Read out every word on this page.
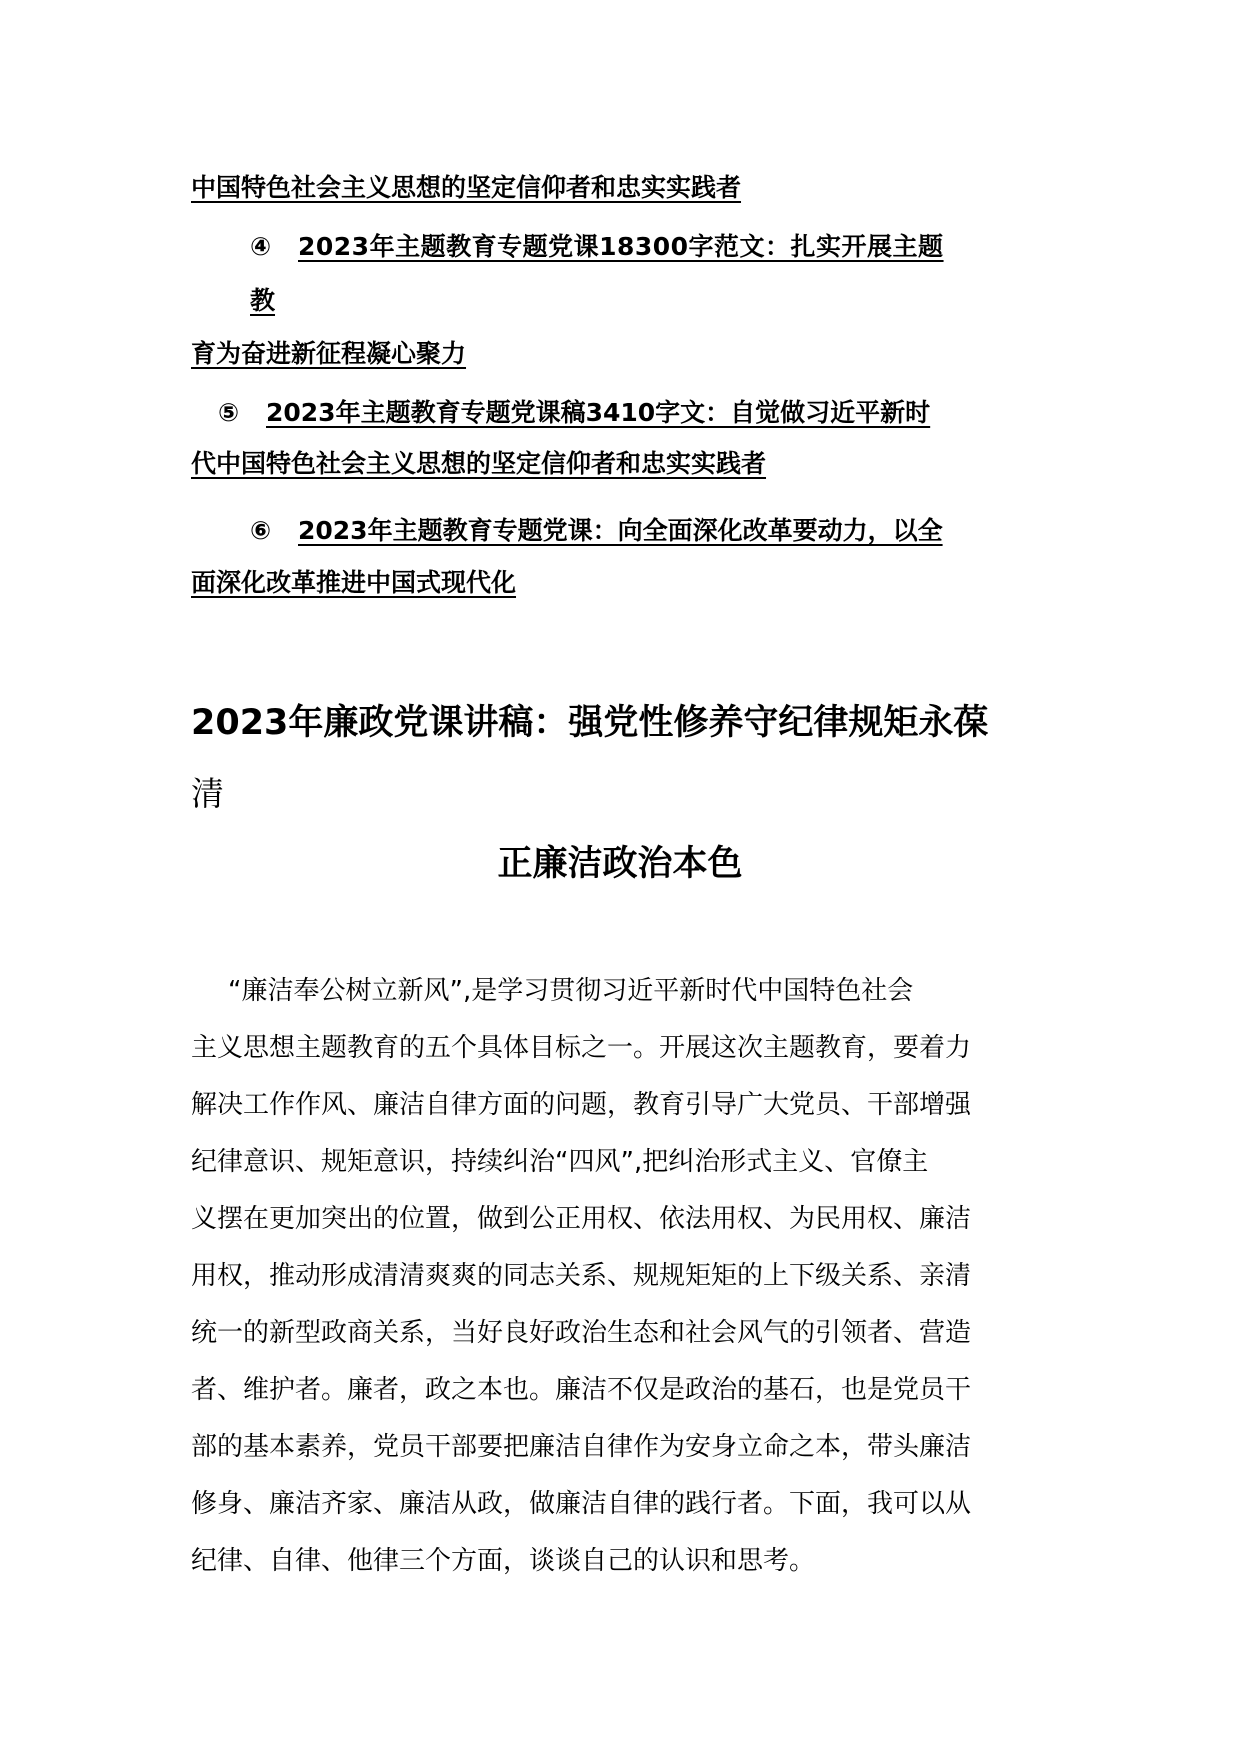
中国特色社会主义思想的坚定信仰者和忠实实践者
④ 2023年主题教育专题党课18300字范文：扎实开展主题
教
育为奋进新征程凝心聚力
⑤ 2023年主题教育专题党课稿3410字文：自觉做习近平新时
代中国特色社会主义思想的坚定信仰者和忠实实践者
⑥ 2023年主题教育专题党课：向全面深化改革要动力，以全
面深化改革推进中国式现代化
2023年廉政党课讲稿：强党性修养守纪律规矩永葆
清
正廉洁政治本色
“廉洁奉公树立新风”,是学习贯彻习近平新时代中国特色社会
主义思想主题教育的五个具体目标之一。开展这次主题教育，要着力
解决工作作风、廉洁自律方面的问题，教育引导广大党员、干部增强
纪律意识、规矩意识，持续纠治“四风”,把纠治形式主义、官僚主
义摆在更加突出的位置，做到公正用权、依法用权、为民用权、廉洁
用权，推动形成清清爽爽的同志关系、规规矩矩的上下级关系、亲清
统一的新型政商关系，当好良好政治生态和社会风气的引领者、营造
者、维护者。廉者，政之本也。廉洁不仅是政治的基石，也是党员干
部的基本素养，党员干部要把廉洁自律作为安身立命之本，带头廉洁
修身、廉洁齐家、廉洁从政，做廉洁自律的践行者。下面，我可以从
纪律、自律、他律三个方面，谈谈自己的认识和思考。
